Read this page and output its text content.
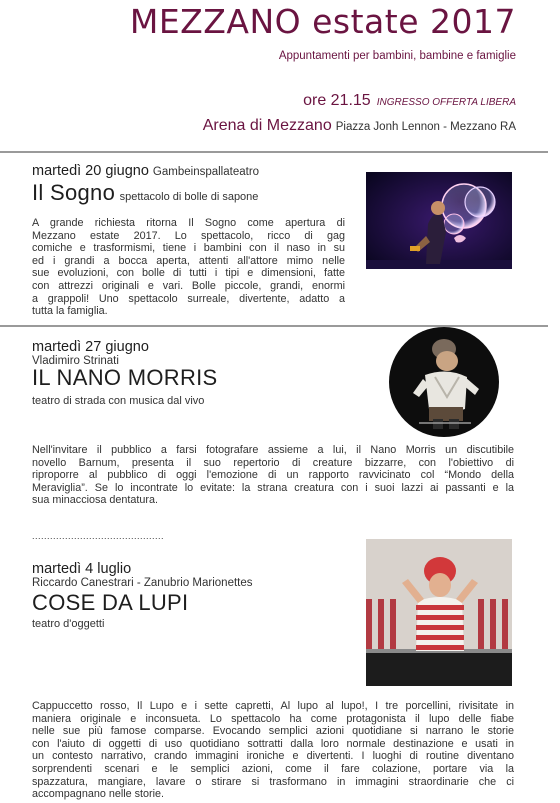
MEZZANO estate 2017
Appuntamenti per bambini, bambine e famiglie
ore 21.15 INGRESSO OFFERTA LIBERA
Arena di Mezzano Piazza Jonh Lennon - Mezzano RA
martedì 20 giugno Gambeinspallateatro
Il Sogno spettacolo di bolle di sapone
A grande richiesta ritorna Il Sogno come apertura di
Mezzano estate 2017. Lo spettacolo, ricco di gag
comiche e trasformismi, tiene i bambini con il naso in su
ed i grandi a bocca aperta, attenti all'attore mimo nelle
sue evoluzioni, con bolle di tutti i tipi e dimensioni, fatte
con attrezzi originali e vari. Bolle piccole, grandi, enormi
a grappoli! Uno spettacolo surreale, divertente, adatto a
tutta la famiglia.
martedì 27 giugno
Vladimiro Strinati
IL NANO MORRIS
teatro di strada con musica dal vivo
Nell'invitare il pubblico a farsi fotografare assieme a lui, il Nano Morris un discutibile
novello Barnum, presenta il suo repertorio di creature bizzarre, con l'obiettivo di
riproporre al pubblico di oggi l'emozione di un rapporto ravvicinato col “Mondo della
Meraviglia”. Se lo incontrate lo evitate: la strana creatura con i suoi lazzi ai passanti e la
sua minacciosa dentatura.
............................................
martedì 4 luglio
Riccardo Canestrari - Zanubrio Marionettes
COSE DA LUPI
teatro d'oggetti
Cappuccetto rosso, Il Lupo e i sette capretti, Al lupo al lupo!, I tre porcellini, rivisitate in
maniera originale e inconsueta. Lo spettacolo ha come protagonista il lupo delle fiabe
nelle sue più famose comparse. Evocando semplici azioni quotidiane si narrano le storie
con l'aiuto di oggetti di uso quotidiano sottratti dalla loro normale destinazione e usati in
un contesto narrativo, crando immagini ironiche e divertenti. I luoghi di routine diventano
sorprendenti scenari e le semplici azioni, come il fare colazione, portare via la
spazzatura, mangiare, lavare o stirare si trasformano in immagini straordinarie che ci
accompagnano nelle storie.
